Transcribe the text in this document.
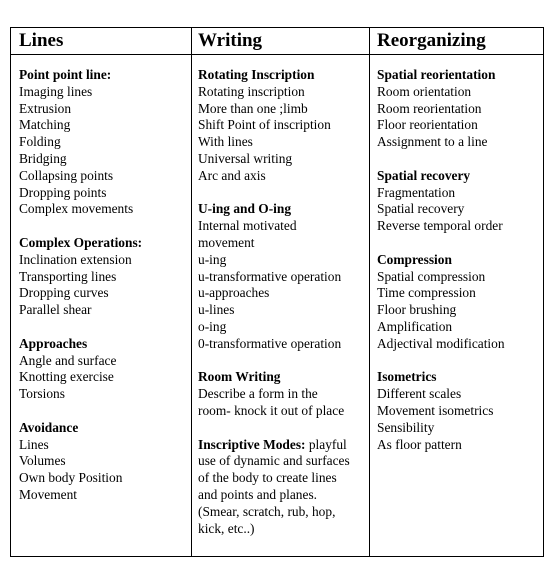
Lines	Writing	Reorganizing
Point point line:
Imaging lines
Extrusion
Matching
Folding
Bridging
Collapsing points
Dropping points
Complex movements
Complex Operations:
Inclination extension
Transporting lines
Dropping curves
Parallel shear
Approaches
Angle and surface
Knotting exercise
Torsions
Avoidance
Lines
Volumes
Own body Position
Movement
Rotating Inscription
Rotating inscription
More than one ;limb
Shift Point of inscription
With lines
Universal writing
Arc and axis
U-ing and O-ing
Internal motivated
movement
u-ing
u-transformative operation
u-approaches
u-lines
o-ing
0-transformative operation
Room Writing
Describe a form in the
room- knock it out of place
Inscriptive Modes: playful
use of dynamic and surfaces
of the body to create lines
and points and planes.
(Smear, scratch, rub, hop,
kick, etc..)
Spatial reorientation
Room orientation
Room reorientation
Floor reorientation
Assignment to a line
Spatial recovery
Fragmentation
Spatial recovery
Reverse temporal order
Compression
Spatial compression
Time compression
Floor brushing
Amplification
Adjectival modification
Isometrics
Different scales
Movement isometrics
Sensibility
As floor pattern
